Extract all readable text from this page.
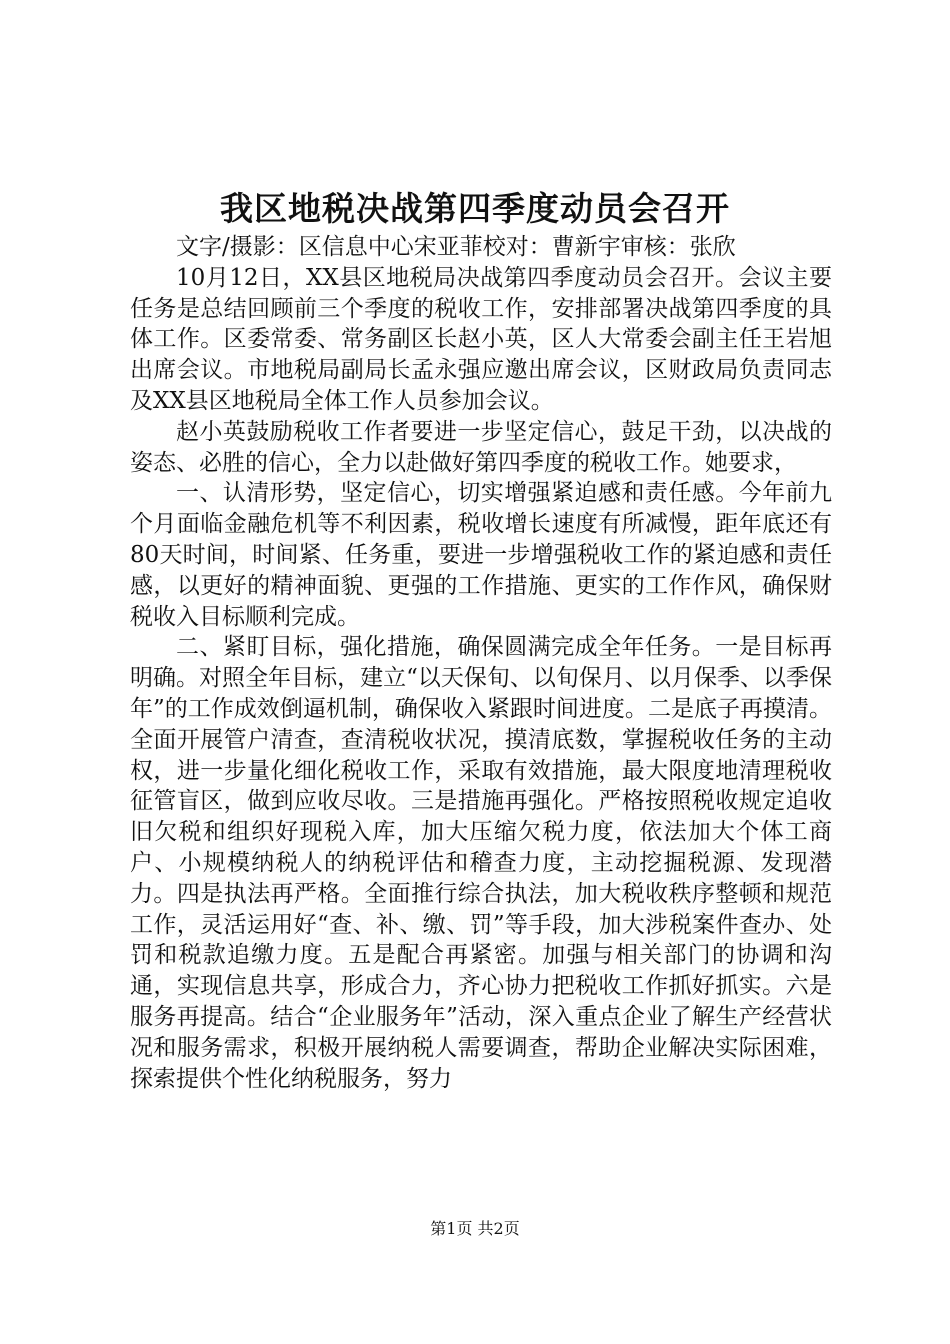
我区地税决战第四季度动员会召开

文字/摄影：区信息中心宋亚菲校对：曹新宇审核：张欣

10月12日，XX县区地税局决战第四季度动员会召开。会议主要任务是总结回顾前三个季度的税收工作，安排部署决战第四季度的具体工作。区委常委、常务副区长赵小英，区人大常委会副主任王岩旭出席会议。市地税局副局长孟永强应邀出席会议，区财政局负责同志及XX县区地税局全体工作人员参加会议。

赵小英鼓励税收工作者要进一步坚定信心，鼓足干劲，以决战的姿态、必胜的信心，全力以赴做好第四季度的税收工作。她要求，

一、认清形势，坚定信心，切实增强紧迫感和责任感。今年前九个月面临金融危机等不利因素，税收增长速度有所减慢，距年底还有80天时间，时间紧、任务重，要进一步增强税收工作的紧迫感和责任感，以更好的精神面貌、更强的工作措施、更实的工作作风，确保财税收入目标顺利完成。

二、紧盯目标，强化措施，确保圆满完成全年任务。一是目标再明确。对照全年目标，建立“以天保旬、以旬保月、以月保季、以季保年”的工作成效倒逼机制，确保收入紧跟时间进度。二是底子再摸清。全面开展管户清查，查清税收状况，摸清底数，掌握税收任务的主动权，进一步量化细化税收工作，采取有效措施，最大限度地清理税收征管盲区，做到应收尽收。三是措施再强化。严格按照税收规定追收旧欠税和组织好现税入库，加大压缩欠税力度，依法加大个体工商户、小规模纳税人的纳税评估和稽查力度，主动挖掘税源、发现潜力。四是执法再严格。全面推行综合执法，加大税收秩序整顿和规范工作，灵活运用好“查、补、缴、罚”等手段，加大涉税案件查办、处罚和税款追缴力度。五是配合再紧密。加强与相关部门的协调和沟通，实现信息共享，形成合力，齐心协力把税收工作抓好抓实。六是服务再提高。结合“企业服务年”活动，深入重点企业了解生产经营状况和服务需求，积极开展纳税人需要调查，帮助企业解决实际困难，探索提供个性化纳税服务，努力

第1页 共2页
